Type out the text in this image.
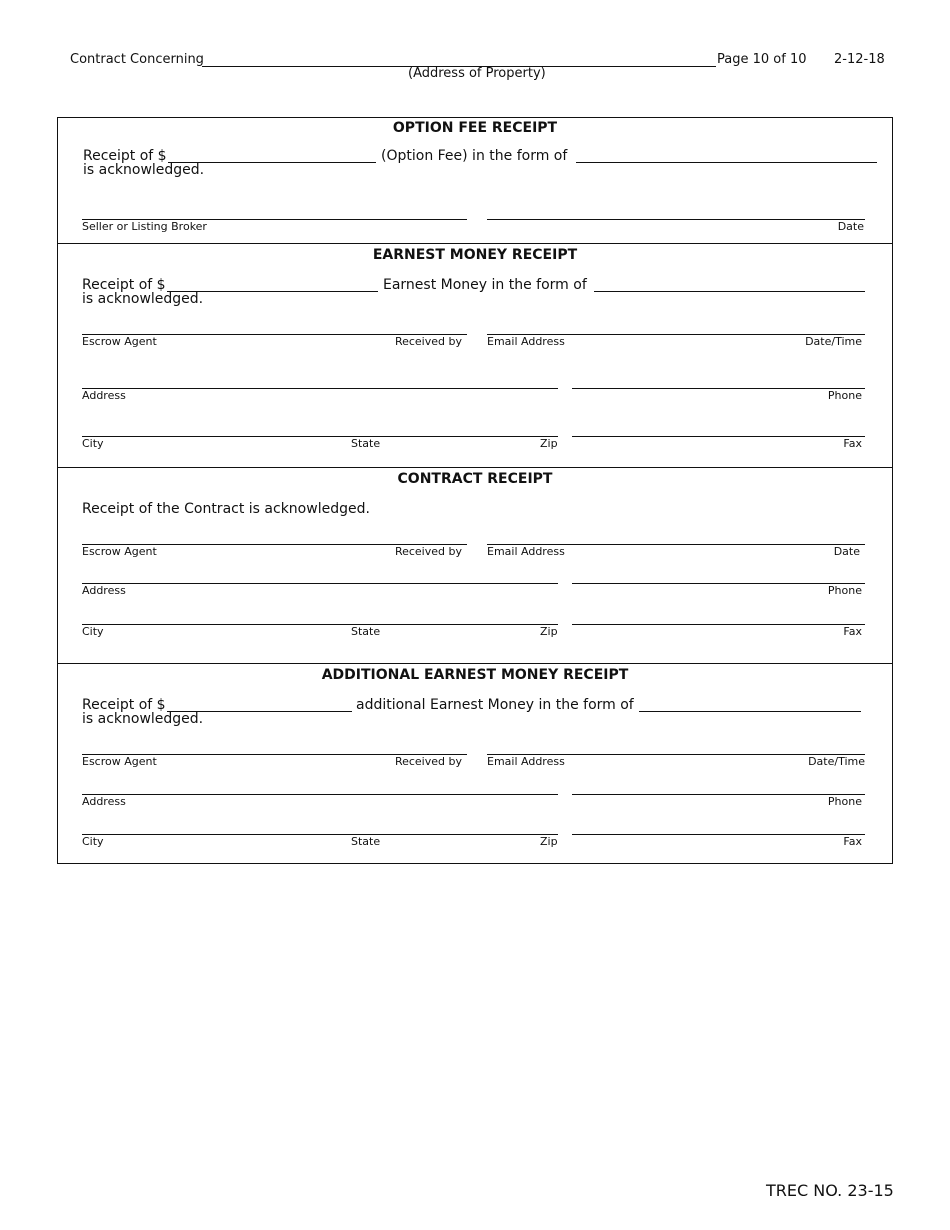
Contract Concerning	Page 10 of 10 2-12-18
(Address of Property)
OPTION FEE RECEIPT
Receipt of $	(Option Fee) in the form of
is acknowledged.
Seller or Listing Broker	Date
EARNEST MONEY RECEIPT
Receipt of $	Earnest Money in the form of
is acknowledged.
Escrow Agent	Received by Email Address	Date/Time
Address	Phone
City	State	Zip	Fax
CONTRACT RECEIPT
Receipt of the Contract is acknowledged.
Escrow Agent	Received by Email Address	Date
Address	Phone
City	State	Zip	Fax
ADDITIONAL EARNEST MONEY RECEIPT
Receipt of $	additional Earnest Money in the form of
is acknowledged.
Escrow Agent	Received by Email Address	Date/Time
Address	Phone
City	State	Zip	Fax
TREC NO. 23-15
